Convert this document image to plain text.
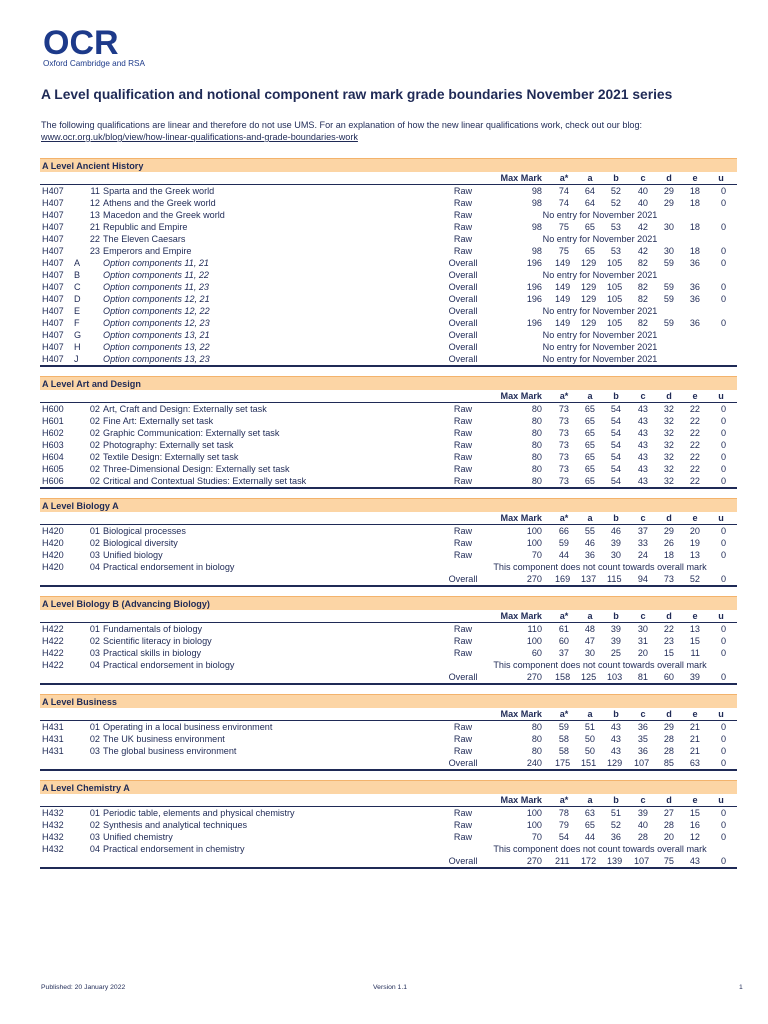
OCR
Oxford Cambridge and RSA
A Level qualification and notional component raw mark grade boundaries November 2021 series
The following qualifications are linear and therefore do not use UMS. For an explanation of how the new linear qualifications work, check out our blog:
www.ocr.org.uk/blog/view/how-linear-qualifications-and-grade-boundaries-work
A Level Ancient History
Max Mark a* a b c d e u
H407	11 Sparta and the Greek world	Raw	98	74	64	52	40	29	18	0
H407	12 Athens and the Greek world	Raw	98	74	64	52	40	29	18	0
H407	13 Macedon and the Greek world	Raw	No entry for November 2021
H407	21 Republic and Empire	Raw	98	75	65	53	42	30	18	0
H407	22 The Eleven Caesars	Raw	No entry for November 2021
H407	23 Emperors and Empire	Raw	98	75	65	53	42	30	18	0
H407 A	Option components 11, 21	Overall	196 149 129 105	82	59	36	0
H407 B	Option components 11, 22	Overall	No entry for November 2021
H407 C Option components 11, 23	Overall	196 149 129 105	82	59	36	0
H407 D Option components 12, 21	Overall	196 149 129 105	82	59	36	0
H407 E	Option components 12, 22	Overall	No entry for November 2021
H407 F	Option components 12, 23	Overall	196 149 129 105	82	59	36	0
H407 G Option components 13, 21	Overall	No entry for November 2021
H407 H Option components 13, 22	Overall	No entry for November 2021
H407 J	Option components 13, 23	Overall	No entry for November 2021
A Level Art and Design
Max Mark a* a b c d e u
H600	02 Art, Craft and Design: Externally set task	Raw	80	73	65	54	43	32	22	0
H601	02 Fine Art: Externally set task	Raw	80	73	65	54	43	32	22	0
H602	02 Graphic Communication: Externally set task	Raw	80	73	65	54	43	32	22	0
H603	02 Photography: Externally set task	Raw	80	73	65	54	43	32	22	0
H604	02 Textile Design: Externally set task	Raw	80	73	65	54	43	32	22	0
H605	02 Three-Dimensional Design: Externally set task	Raw	80	73	65	54	43	32	22	0
H606	02 Critical and Contextual Studies: Externally set task	Raw	80	73	65	54	43	32	22	0
A Level Biology A
Max Mark a* a b c d e u
H420	01 Biological processes	Raw	100	66	55	46	37	29	20	0
H420	02 Biological diversity	Raw	100	59	46	39	33	26	19	0
H420	03 Unified biology	Raw	70	44	36	30	24	18	13	0
H420	04 Practical endorsement in biology	This component does not count towards overall mark
Overall	270 169 137 115	94	73	52	0
A Level Biology B (Advancing Biology)
Max Mark a* a b c d e u
H422	01 Fundamentals of biology	Raw	110	61	48	39	30	22	13	0
H422	02 Scientific literacy in biology	Raw	100	60	47	39	31	23	15	0
H422	03 Practical skills in biology	Raw	60	37	30	25	20	15	11	0
H422	04 Practical endorsement in biology	This component does not count towards overall mark
Overall	270 158 125 103	81	60	39	0
A Level Business
Max Mark a* a b c d e u
H431	01 Operating in a local business environment	Raw	80	59	51	43	36	29	21	0
H431	02 The UK business environment	Raw	80	58	50	43	35	28	21	0
H431	03 The global business environment	Raw	80	58	50	43	36	28	21	0
Overall	240 175 151 129 107	85	63	0
A Level Chemistry A
Max Mark a* a b c d e u
H432	01 Periodic table, elements and physical chemistry	Raw	100	78	63	51	39	27	15	0
H432	02 Synthesis and analytical techniques	Raw	100	79	65	52	40	28	16	0
H432	03 Unified chemistry	Raw	70	54	44	36	28	20	12	0
H432	04 Practical endorsement in chemistry	This component does not count towards overall mark
Overall	270 211 172 139 107	75	43	0
Published: 20 January 2022	Version 1.1	1
